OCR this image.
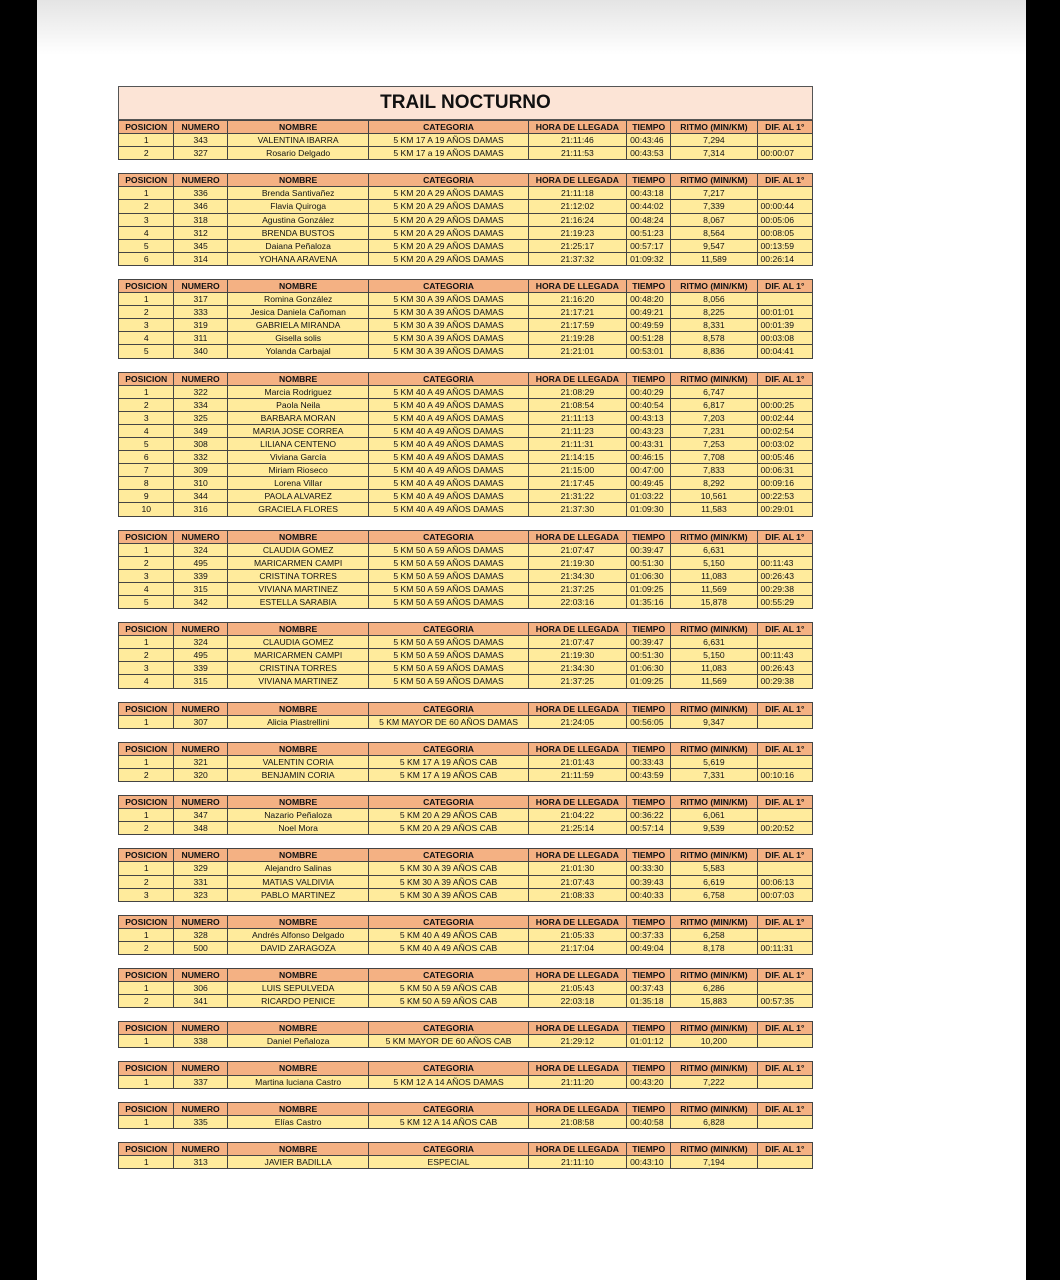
TRAIL NOCTURNO
POSICION	NUMERO	NOMBRE	CATEGORIA	HORA DE LLEGADA	TIEMPO	RITMO (MIN/KM)	DIF. AL 1°
1	343	VALENTINA IBARRA	5 KM 17 A 19 AÑOS DAMAS	21:11:46	00:43:46	7,294	
2	327	Rosario Delgado	5 KM 17 a 19 AÑOS DAMAS	21:11:53	00:43:53	7,314	00:00:07
POSICION	NUMERO	NOMBRE	CATEGORIA	HORA DE LLEGADA	TIEMPO	RITMO (MIN/KM)	DIF. AL 1°
1	336	Brenda Santivañez	5 KM 20 A 29 AÑOS DAMAS	21:11:18	00:43:18	7,217	
2	346	Flavia Quiroga	5 KM 20 A 29 AÑOS DAMAS	21:12:02	00:44:02	7,339	00:00:44
3	318	Agustina González	5 KM 20 A 29 AÑOS DAMAS	21:16:24	00:48:24	8,067	00:05:06
4	312	BRENDA BUSTOS	5 KM 20 A 29 AÑOS DAMAS	21:19:23	00:51:23	8,564	00:08:05
5	345	Daiana Peñaloza	5 KM 20 A 29 AÑOS DAMAS	21:25:17	00:57:17	9,547	00:13:59
6	314	YOHANA ARAVENA	5 KM 20 A 29 AÑOS DAMAS	21:37:32	01:09:32	11,589	00:26:14
POSICION	NUMERO	NOMBRE	CATEGORIA	HORA DE LLEGADA	TIEMPO	RITMO (MIN/KM)	DIF. AL 1°
1	317	Romina González	5 KM 30 A 39 AÑOS DAMAS	21:16:20	00:48:20	8,056	
2	333	Jesica Daniela Cañoman	5 KM 30 A 39 AÑOS DAMAS	21:17:21	00:49:21	8,225	00:01:01
3	319	GABRIELA MIRANDA	5 KM 30 A 39 AÑOS DAMAS	21:17:59	00:49:59	8,331	00:01:39
4	311	Gisella solis	5 KM 30 A 39 AÑOS DAMAS	21:19:28	00:51:28	8,578	00:03:08
5	340	Yolanda Carbajal	5 KM 30 A 39 AÑOS DAMAS	21:21:01	00:53:01	8,836	00:04:41
POSICION	NUMERO	NOMBRE	CATEGORIA	HORA DE LLEGADA	TIEMPO	RITMO (MIN/KM)	DIF. AL 1°
1	322	Marcia Rodriguez	5 KM 40 A 49 AÑOS DAMAS	21:08:29	00:40:29	6,747	
2	334	Paola Neila	5 KM 40 A 49 AÑOS DAMAS	21:08:54	00:40:54	6,817	00:00:25
3	325	BARBARA MORAN	5 KM 40 A 49 AÑOS DAMAS	21:11:13	00:43:13	7,203	00:02:44
4	349	MARIA JOSE CORREA	5 KM 40 A 49 AÑOS DAMAS	21:11:23	00:43:23	7,231	00:02:54
5	308	LILIANA CENTENO	5 KM 40 A 49 AÑOS DAMAS	21:11:31	00:43:31	7,253	00:03:02
6	332	Viviana García	5 KM 40 A 49 AÑOS DAMAS	21:14:15	00:46:15	7,708	00:05:46
7	309	Miriam Rioseco	5 KM 40 A 49 AÑOS DAMAS	21:15:00	00:47:00	7,833	00:06:31
8	310	Lorena Villar	5 KM 40 A 49 AÑOS DAMAS	21:17:45	00:49:45	8,292	00:09:16
9	344	PAOLA ALVAREZ	5 KM 40 A 49 AÑOS DAMAS	21:31:22	01:03:22	10,561	00:22:53
10	316	GRACIELA FLORES	5 KM 40 A 49 AÑOS DAMAS	21:37:30	01:09:30	11,583	00:29:01
POSICION	NUMERO	NOMBRE	CATEGORIA	HORA DE LLEGADA	TIEMPO	RITMO (MIN/KM)	DIF. AL 1°
1	324	CLAUDIA GOMEZ	5 KM 50 A 59 AÑOS DAMAS	21:07:47	00:39:47	6,631	
2	495	MARICARMEN CAMPI	5 KM 50 A 59 AÑOS DAMAS	21:19:30	00:51:30	5,150	00:11:43
3	339	CRISTINA TORRES	5 KM 50 A 59 AÑOS DAMAS	21:34:30	01:06:30	11,083	00:26:43
4	315	VIVIANA MARTINEZ	5 KM 50 A 59 AÑOS DAMAS	21:37:25	01:09:25	11,569	00:29:38
5	342	ESTELLA SARABIA	5 KM 50 A 59 AÑOS DAMAS	22:03:16	01:35:16	15,878	00:55:29
POSICION	NUMERO	NOMBRE	CATEGORIA	HORA DE LLEGADA	TIEMPO	RITMO (MIN/KM)	DIF. AL 1°
1	324	CLAUDIA GOMEZ	5 KM 50 A 59 AÑOS DAMAS	21:07:47	00:39:47	6,631	
2	495	MARICARMEN CAMPI	5 KM 50 A 59 AÑOS DAMAS	21:19:30	00:51:30	5,150	00:11:43
3	339	CRISTINA TORRES	5 KM 50 A 59 AÑOS DAMAS	21:34:30	01:06:30	11,083	00:26:43
4	315	VIVIANA MARTINEZ	5 KM 50 A 59 AÑOS DAMAS	21:37:25	01:09:25	11,569	00:29:38
POSICION	NUMERO	NOMBRE	CATEGORIA	HORA DE LLEGADA	TIEMPO	RITMO (MIN/KM)	DIF. AL 1°
1	307	Alicia Piastrellini	5 KM MAYOR DE 60 AÑOS DAMAS	21:24:05	00:56:05	9,347	
POSICION	NUMERO	NOMBRE	CATEGORIA	HORA DE LLEGADA	TIEMPO	RITMO (MIN/KM)	DIF. AL 1°
1	321	VALENTIN CORIA	5 KM 17 A 19 AÑOS CAB	21:01:43	00:33:43	5,619	
2	320	BENJAMIN CORIA	5 KM 17 A 19 AÑOS CAB	21:11:59	00:43:59	7,331	00:10:16
POSICION	NUMERO	NOMBRE	CATEGORIA	HORA DE LLEGADA	TIEMPO	RITMO (MIN/KM)	DIF. AL 1°
1	347	Nazario Peñaloza	5 KM 20 A 29 AÑOS CAB	21:04:22	00:36:22	6,061	
2	348	Noel Mora	5 KM 20 A 29 AÑOS CAB	21:25:14	00:57:14	9,539	00:20:52
POSICION	NUMERO	NOMBRE	CATEGORIA	HORA DE LLEGADA	TIEMPO	RITMO (MIN/KM)	DIF. AL 1°
1	329	Alejandro Salinas	5 KM 30 A 39 AÑOS CAB	21:01:30	00:33:30	5,583	
2	331	MATIAS VALDIVIA	5 KM 30 A 39 AÑOS CAB	21:07:43	00:39:43	6,619	00:06:13
3	323	PABLO MARTINEZ	5 KM 30 A 39 AÑOS CAB	21:08:33	00:40:33	6,758	00:07:03
POSICION	NUMERO	NOMBRE	CATEGORIA	HORA DE LLEGADA	TIEMPO	RITMO (MIN/KM)	DIF. AL 1°
1	328	Andrés Alfonso Delgado	5 KM 40 A 49 AÑOS CAB	21:05:33	00:37:33	6,258	
2	500	DAVID ZARAGOZA	5 KM 40 A 49 AÑOS CAB	21:17:04	00:49:04	8,178	00:11:31
POSICION	NUMERO	NOMBRE	CATEGORIA	HORA DE LLEGADA	TIEMPO	RITMO (MIN/KM)	DIF. AL 1°
1	306	LUIS SEPULVEDA	5 KM 50 A 59 AÑOS CAB	21:05:43	00:37:43	6,286	
2	341	RICARDO PENICE	5 KM 50 A 59 AÑOS CAB	22:03:18	01:35:18	15,883	00:57:35
POSICION	NUMERO	NOMBRE	CATEGORIA	HORA DE LLEGADA	TIEMPO	RITMO (MIN/KM)	DIF. AL 1°
1	338	Daniel Peñaloza	5 KM MAYOR DE 60 AÑOS CAB	21:29:12	01:01:12	10,200	
POSICION	NUMERO	NOMBRE	CATEGORIA	HORA DE LLEGADA	TIEMPO	RITMO (MIN/KM)	DIF. AL 1°
1	337	Martina luciana Castro	5 KM 12 A 14 AÑOS DAMAS	21:11:20	00:43:20	7,222	
POSICION	NUMERO	NOMBRE	CATEGORIA	HORA DE LLEGADA	TIEMPO	RITMO (MIN/KM)	DIF. AL 1°
1	335	Elías Castro	5 KM 12 A 14 AÑOS CAB	21:08:58	00:40:58	6,828	
POSICION	NUMERO	NOMBRE	CATEGORIA	HORA DE LLEGADA	TIEMPO	RITMO (MIN/KM)	DIF. AL 1°
1	313	JAVIER BADILLA	ESPECIAL	21:11:10	00:43:10	7,194	
